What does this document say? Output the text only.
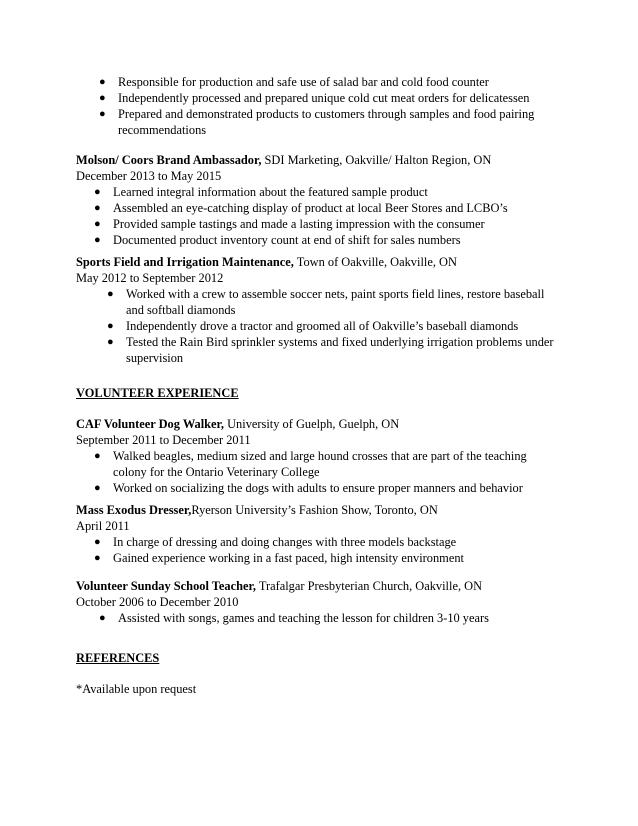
● Responsible for production and safe use of salad bar and cold food counter
● Independently processed and prepared unique cold cut meat orders for delicatessen
● Prepared and demonstrated products to customers through samples and food pairing recommendations
Molson/ Coors Brand Ambassador, SDI Marketing, Oakville/ Halton Region, ON
December 2013 to May 2015
● Learned integral information about the featured sample product
● Assembled an eye-catching display of product at local Beer Stores and LCBO’s
● Provided sample tastings and made a lasting impression with the consumer
● Documented product inventory count at end of shift for sales numbers
Sports Field and Irrigation Maintenance, Town of Oakville, Oakville, ON
May 2012 to September 2012
● Worked with a crew to assemble soccer nets, paint sports field lines, restore baseball and softball diamonds
● Independently drove a tractor and groomed all of Oakville’s baseball diamonds
● Tested the Rain Bird sprinkler systems and fixed underlying irrigation problems under supervision
VOLUNTEER EXPERIENCE
CAF Volunteer Dog Walker, University of Guelph, Guelph, ON
September 2011 to December 2011
● Walked beagles, medium sized and large hound crosses that are part of the teaching colony for the Ontario Veterinary College
● Worked on socializing the dogs with adults to ensure proper manners and behavior
Mass Exodus Dresser,Ryerson University’s Fashion Show, Toronto, ON
April 2011
● In charge of dressing and doing changes with three models backstage
● Gained experience working in a fast paced, high intensity environment
Volunteer Sunday School Teacher, Trafalgar Presbyterian Church, Oakville, ON
October 2006 to December 2010
● Assisted with songs, games and teaching the lesson for children 3-10 years
REFERENCES
*Available upon request
